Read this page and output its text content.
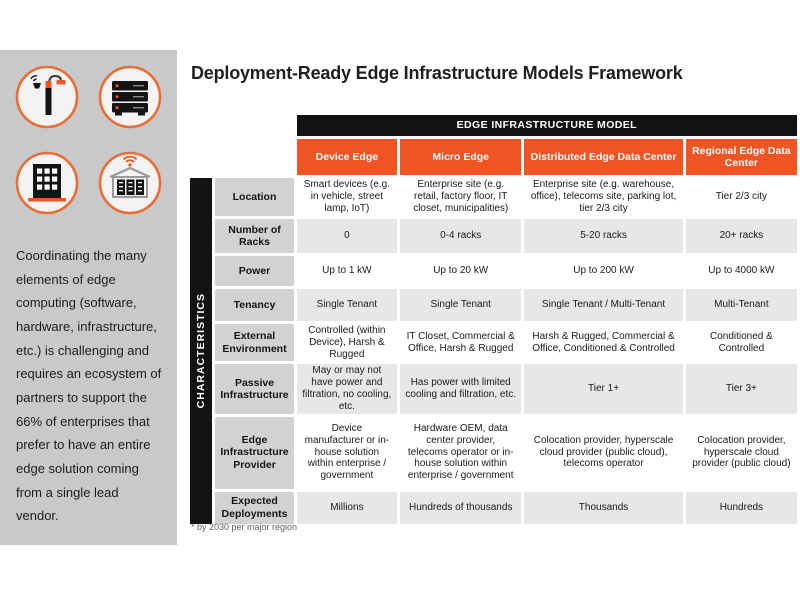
Coordinating the many elements of edge computing (software, hardware, infrastructure, etc.) is challenging and requires an ecosystem of partners to support the 66% of enterprises that prefer to have an entire edge solution coming from a single lead vendor.
Deployment-Ready Edge Infrastructure Models Framework
		EDGE INFRASTRUCTURE MODEL			
		Device Edge	Micro Edge	Distributed Edge Data Center	Regional Edge Data Center

CHARACTERISTICS	Location	Smart devices (e.g. in vehicle, street lamp, IoT)	Enterprise site (e.g. retail, factory floor, IT closet, municipalities)	Enterprise site (e.g. warehouse, office), telecoms site, parking lot, tier 2/3 city	Tier 2/3 city
	Number of Racks	0	0-4 racks	5-20 racks	20+ racks
	Power	Up to 1 kW	Up to 20 kW	Up to 200 kW	Up to 4000 kW
	Tenancy	Single Tenant	Single Tenant	Single Tenant / Multi-Tenant	Multi-Tenant
	External Environment	Controlled (within Device), Harsh & Rugged	IT Closet, Commercial & Office, Harsh & Rugged	Harsh & Rugged, Commercial & Office, Conditioned & Controlled	Conditioned & Controlled
	Passive Infrastructure	May or may not have power and filtration, no cooling, etc.	Has power with limited cooling and filtration, etc.	Tier 1+	Tier 3+
	Edge Infrastructure Provider	Device manufacturer or in-house solution within enterprise / government	Hardware OEM, data center provider, telecoms operator or in-house solution within enterprise / government	Colocation provider, hyperscale cloud provider (public cloud), telecoms operator	Colocation provider, hyperscale cloud provider (public cloud)
	Expected Deployments	Millions	Hundreds of thousands	Thousands	Hundreds
* by 2030 per major region
